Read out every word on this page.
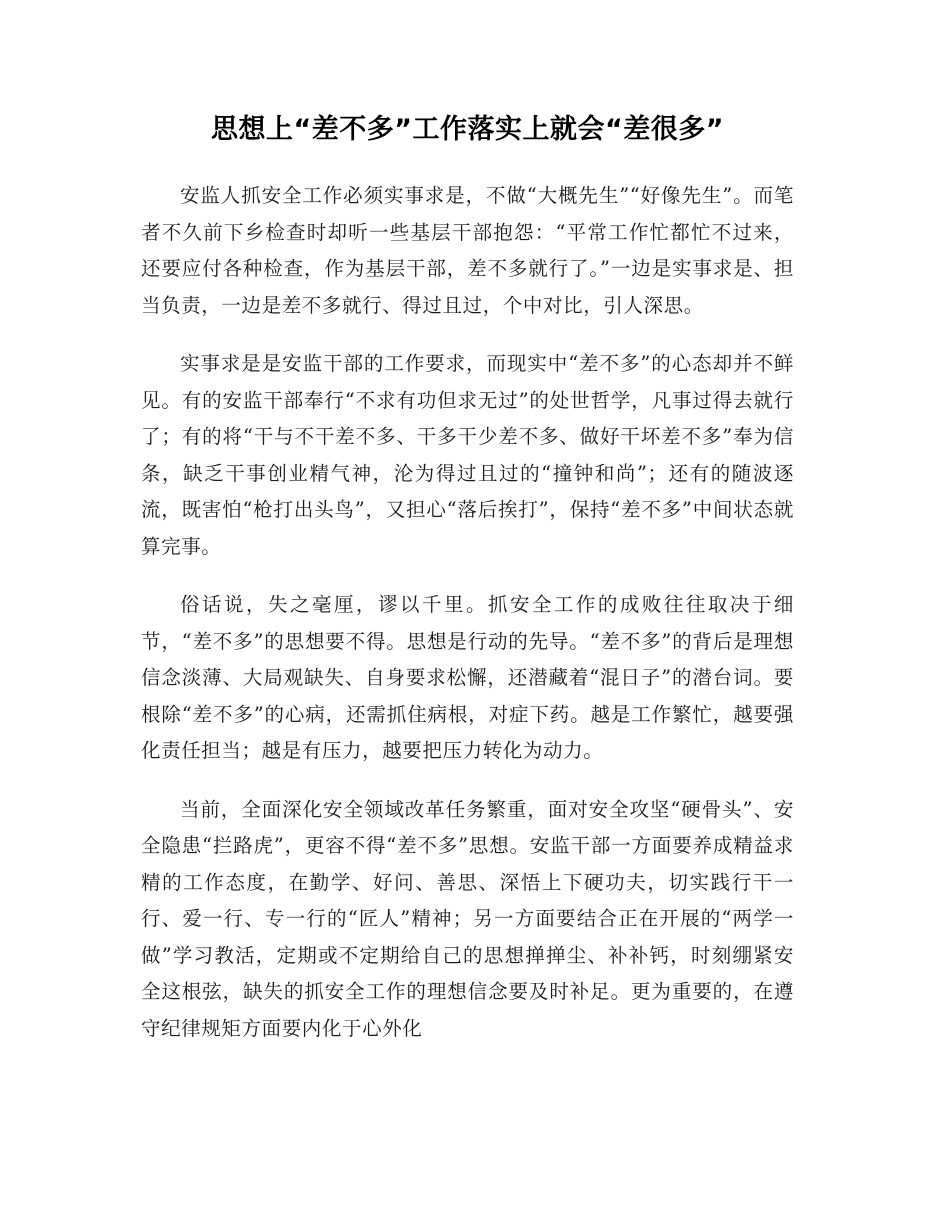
思想上“差不多”工作落实上就会“差很多”

安监人抓安全工作必须实事求是，不做“大概先生”“好像先生”。而笔者不久前下乡检查时却听一些基层干部抱怨：“平常工作忙都忙不过来，还要应付各种检查，作为基层干部，差不多就行了。”一边是实事求是、担当负责，一边是差不多就行、得过且过，个中对比，引人深思。

实事求是是安监干部的工作要求，而现实中“差不多”的心态却并不鲜见。有的安监干部奉行“不求有功但求无过”的处世哲学，凡事过得去就行了；有的将“干与不干差不多、干多干少差不多、做好干坏差不多”奉为信条，缺乏干事创业精气神，沦为得过且过的“撞钟和尚”；还有的随波逐流，既害怕“枪打出头鸟”，又担心“落后挨打”，保持“差不多”中间状态就算完事。

俗话说，失之毫厘，谬以千里。抓安全工作的成败往往取决于细节，“差不多”的思想要不得。思想是行动的先导。“差不多”的背后是理想信念淡薄、大局观缺失、自身要求松懈，还潜藏着“混日子”的潜台词。要根除“差不多”的心病，还需抓住病根，对症下药。越是工作繁忙，越要强化责任担当；越是有压力，越要把压力转化为动力。

当前，全面深化安全领域改革任务繁重，面对安全攻坚“硬骨头”、安全隐患“拦路虎”，更容不得“差不多”思想。安监干部一方面要养成精益求精的工作态度，在勤学、好问、善思、深悟上下硬功夫，切实践行干一行、爱一行、专一行的“匠人”精神；另一方面要结合正在开展的“两学一做”学习教活，定期或不定期给自己的思想掸掸尘、补补钙，时刻绷紧安全这根弦，缺失的抓安全工作的理想信念要及时补足。更为重要的，在遵守纪律规矩方面要内化于心外化
